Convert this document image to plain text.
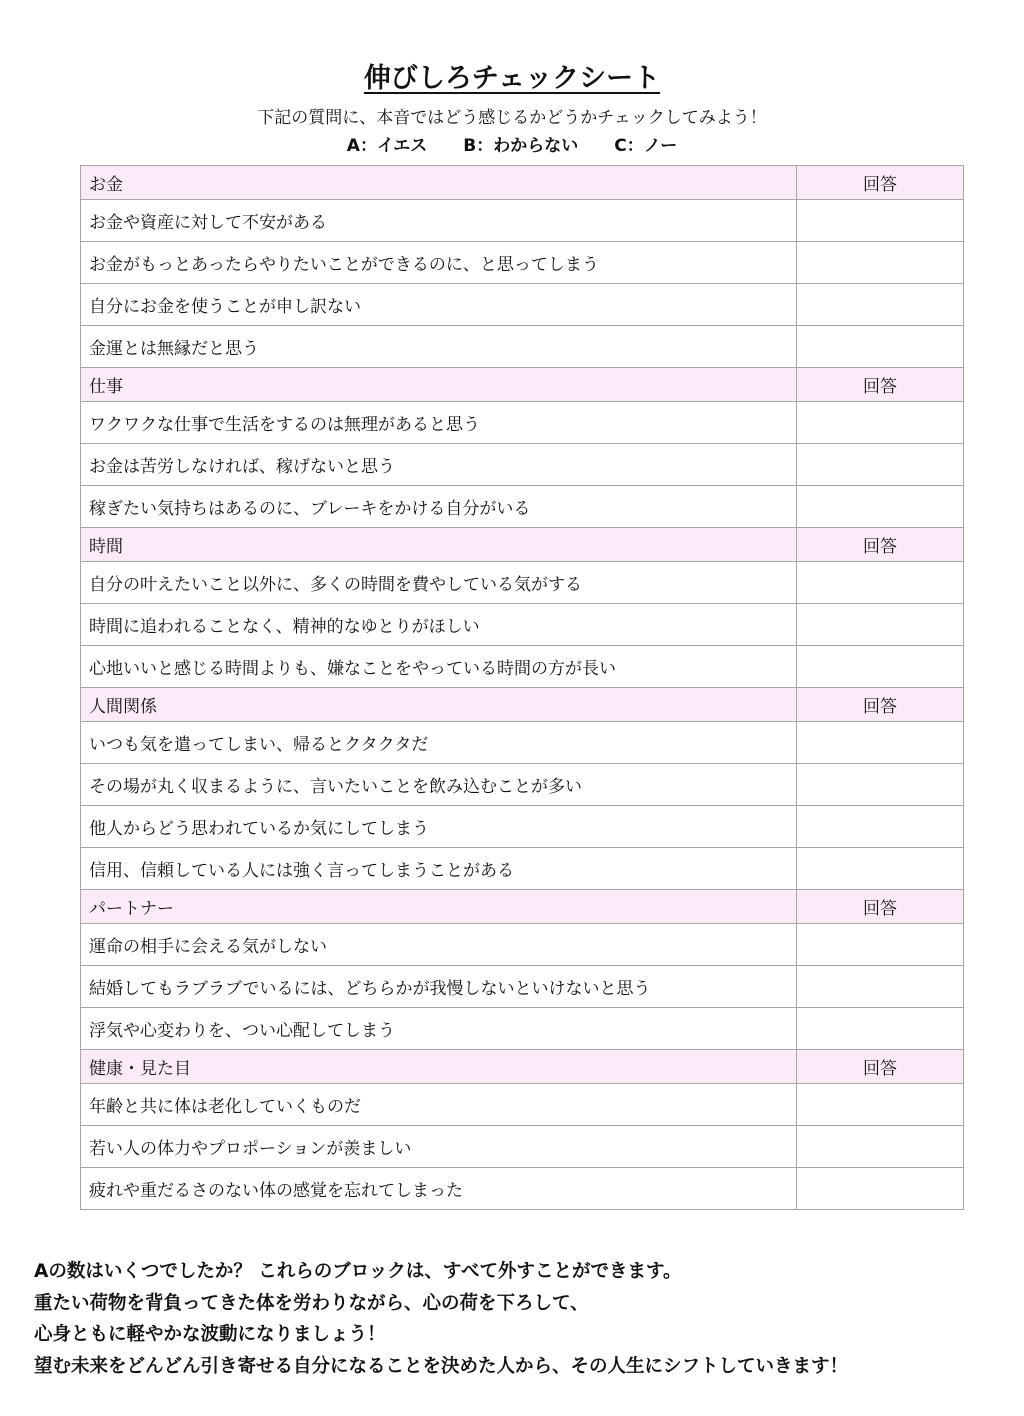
伸びしろチェックシート
下記の質問に、本音ではどう感じるかどうかチェックしてみよう！
A：イエス B：わからない C：ノー
お金	回答
お金や資産に対して不安がある	
お金がもっとあったらやりたいことができるのに、と思ってしまう	
自分にお金を使うことが申し訳ない	
金運とは無縁だと思う	
仕事	回答
ワクワクな仕事で生活をするのは無理があると思う	
お金は苦労しなければ、稼げないと思う	
稼ぎたい気持ちはあるのに、ブレーキをかける自分がいる	
時間	回答
自分の叶えたいこと以外に、多くの時間を費やしている気がする	
時間に追われることなく、精神的なゆとりがほしい	
心地いいと感じる時間よりも、嫌なことをやっている時間の方が長い	
人間関係	回答
いつも気を遣ってしまい、帰るとクタクタだ	
その場が丸く収まるように、言いたいことを飲み込むことが多い	
他人からどう思われているか気にしてしまう	
信用、信頼している人には強く言ってしまうことがある	
パートナー	回答
運命の相手に会える気がしない	
結婚してもラブラブでいるには、どちらかが我慢しないといけないと思う	
浮気や心変わりを、つい心配してしまう	
健康・見た目	回答
年齢と共に体は老化していくものだ	
若い人の体力やプロポーションが羨ましい	
疲れや重だるさのない体の感覚を忘れてしまった	
Aの数はいくつでしたか？ これらのブロックは、すべて外すことができます。
重たい荷物を背負ってきた体を労わりながら、心の荷を下ろして、
心身ともに軽やかな波動になりましょう！
望む未来をどんどん引き寄せる自分になることを決めた人から、その人生にシフトしていきます！
